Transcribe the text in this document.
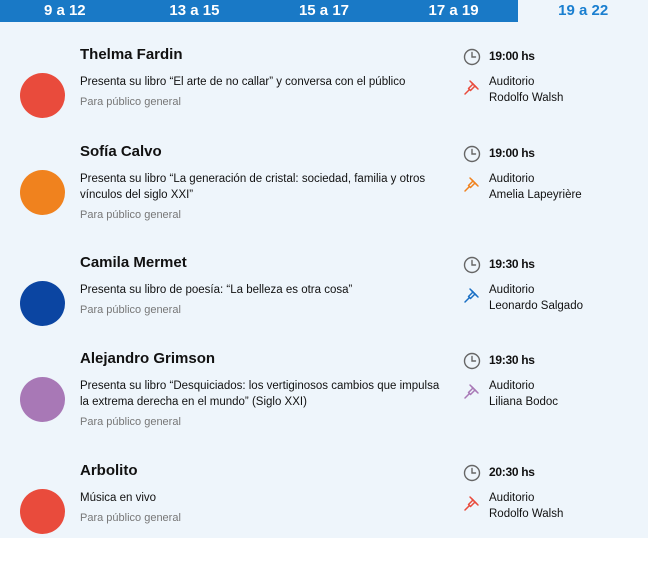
9 a 12	13 a 15	15 a 17	17 a 19	19 a 22
Thelma Fardin
Presenta su libro “El arte de no callar” y conversa con el público
Para público general
19:00 hs
Auditorio
Rodolfo Walsh
Sofía Calvo
Presenta su libro “La generación de cristal: sociedad, familia y otros vínculos del siglo XXI”
Para público general
19:00 hs
Auditorio
Amelia Lapeyrière
Camila Mermet
Presenta su libro de poesía: “La belleza es otra cosa”
Para público general
19:30 hs
Auditorio
Leonardo Salgado
Alejandro Grimson
Presenta su libro “Desquiciados: los vertiginosos cambios que impulsa la extrema derecha en el mundo” (Siglo XXI)
Para público general
19:30 hs
Auditorio
Liliana Bodoc
Arbolito
Música en vivo
Para público general
20:30 hs
Auditorio
Rodolfo Walsh
